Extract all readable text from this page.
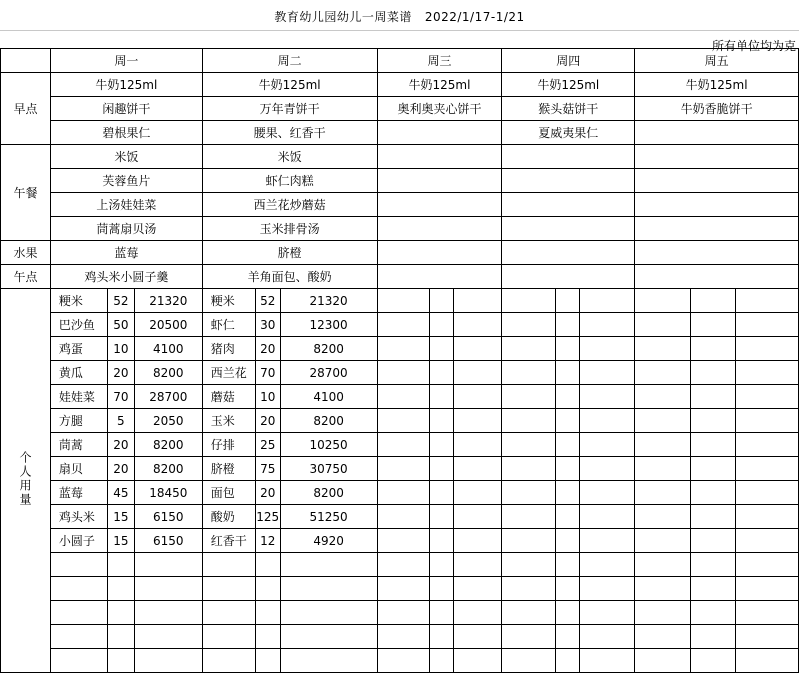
教育幼儿园幼儿一周菜谱 2022/1/17-1/21
所有单位均为克
	周一			周二			周三			周四			周五		
早点	牛奶125ml			牛奶125ml			牛奶125ml			牛奶125ml			牛奶125ml		
	闲趣饼干			万年青饼干			奥利奥夹心饼干			猴头菇饼干			牛奶香脆饼干		
	碧根果仁			腰果、红香干						夏威夷果仁					
午餐	米饭			米饭											
	芙蓉鱼片			虾仁肉糕											
	上汤娃娃菜			西兰花炒蘑菇											
	茼蒿扇贝汤			玉米排骨汤											
水果	蓝莓			脐橙											
午点	鸡头米小圆子羹			羊角面包、酸奶											
个人用量	粳米	52	21320	粳米	52	21320									
	巴沙鱼	50	20500	虾仁	30	12300									
	鸡蛋	10	4100	猪肉	20	8200									
	黄瓜	20	8200	西兰花	70	28700									
	娃娃菜	70	28700	蘑菇	10	4100									
	方腿	5	2050	玉米	20	8200									
	茼蒿	20	8200	仔排	25	10250									
	扇贝	20	8200	脐橙	75	30750									
	蓝莓	45	18450	面包	20	8200									
	鸡头米	15	6150	酸奶	125	51250									
	小圆子	15	6150	红香干	12	4920									
